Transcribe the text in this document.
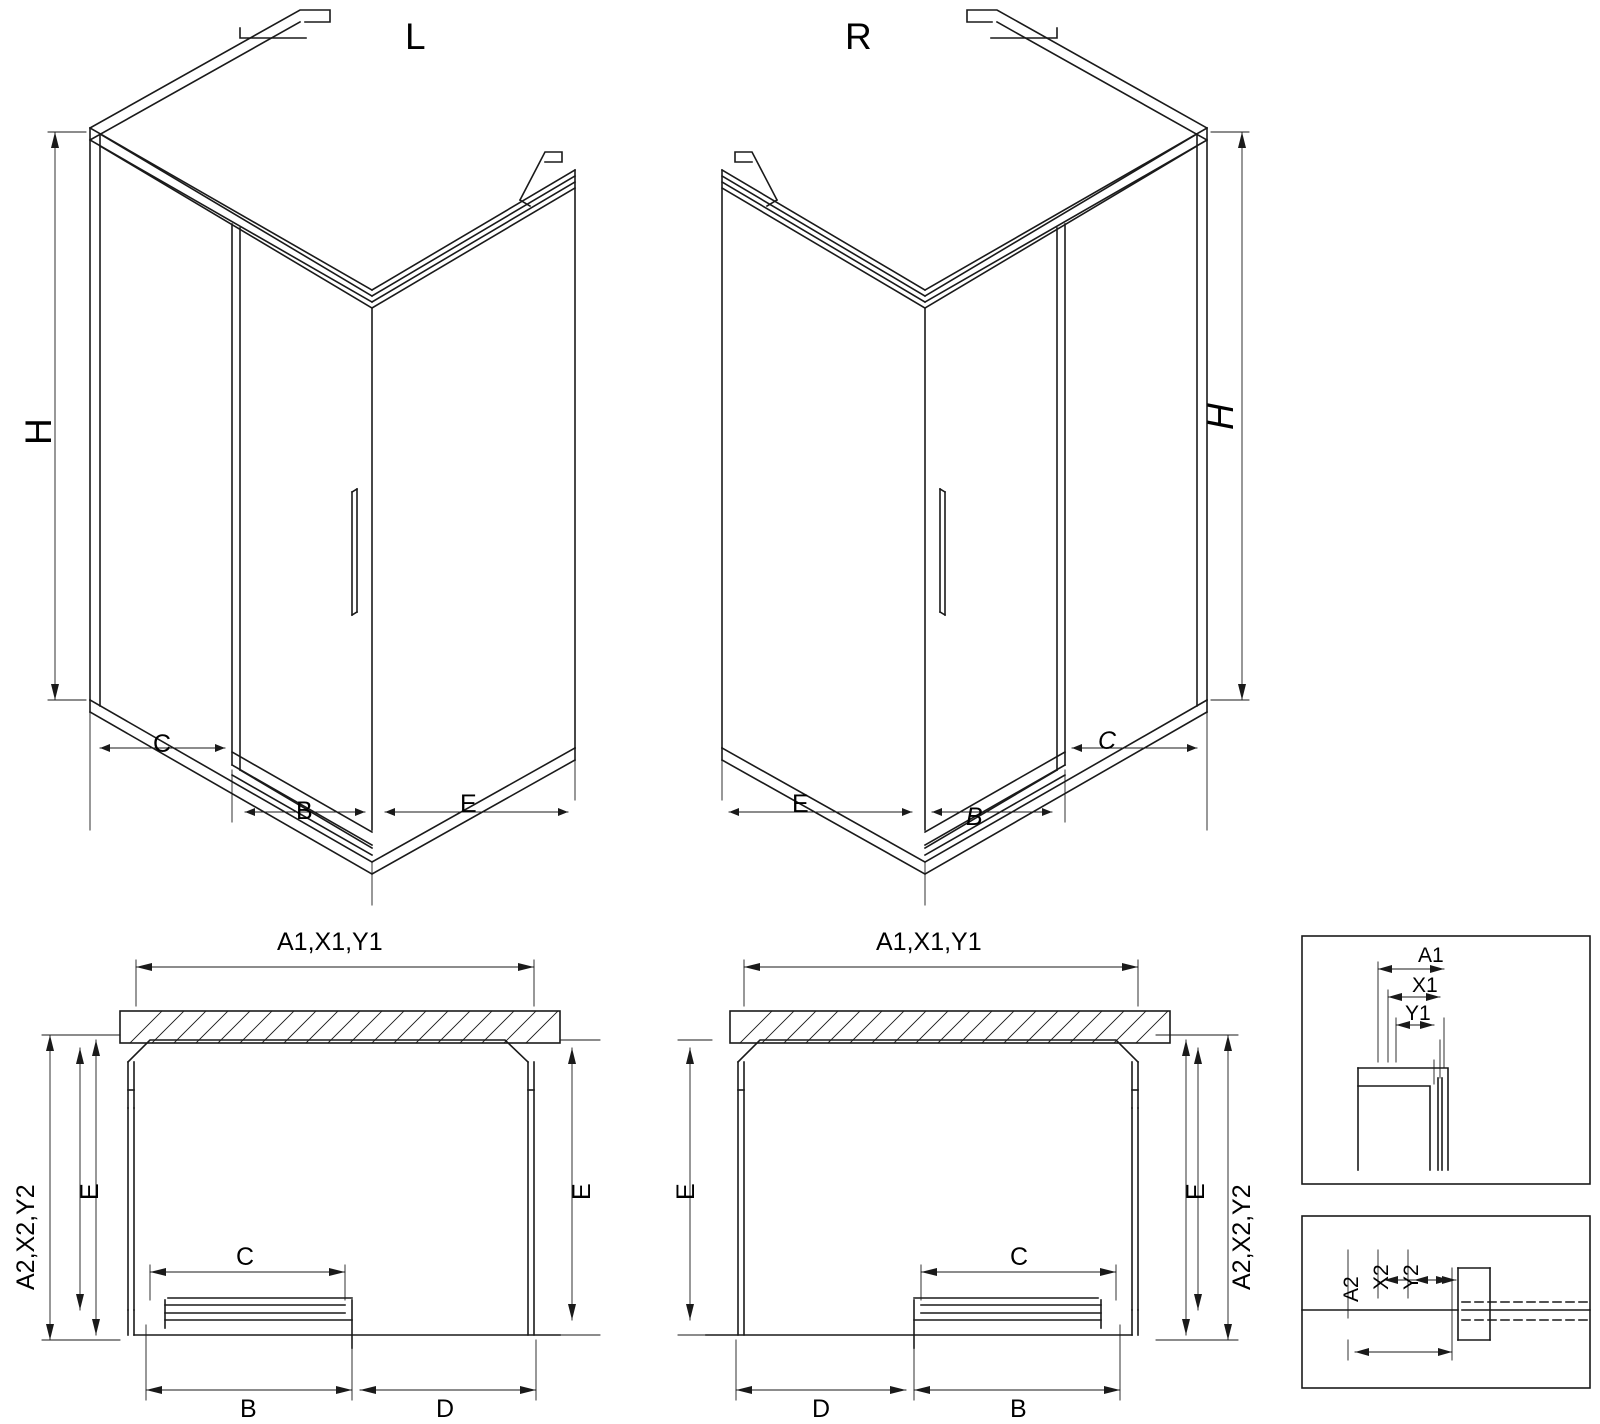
L
H
C
B	E
R
H
E	B
C
A1,X1,Y1
A2,X2,Y2 E	E
C
B	D
A1,X1,Y1
A2,X2,Y2
E	E
C
D	B
A1
X1
Y1
A2 X2 Y2
